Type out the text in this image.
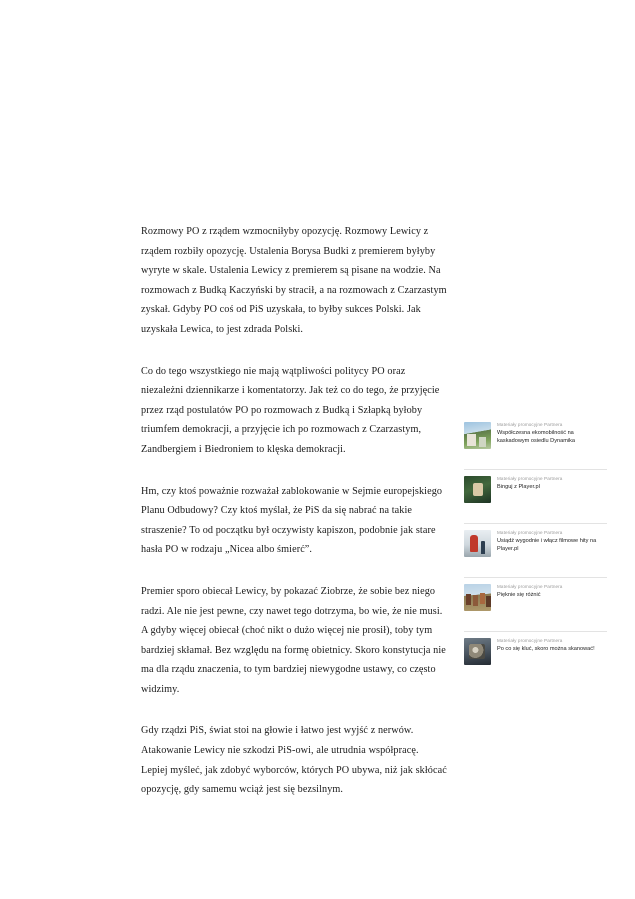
Rozmowy PO z rządem wzmocniłyby opozycję. Rozmowy Lewicy z rządem rozbiły opozycję. Ustalenia Borysa Budki z premierem byłyby wyryte w skale. Ustalenia Lewicy z premierem są pisane na wodzie. Na rozmowach z Budką Kaczyński by stracił, a na rozmowach z Czarzastym zyskał. Gdyby PO coś od PiS uzyskała, to byłby sukces Polski. Jak uzyskała Lewica, to jest zdrada Polski.

Co do tego wszystkiego nie mają wątpliwości politycy PO oraz niezależni dziennikarze i komentatorzy. Jak też co do tego, że przyjęcie przez rząd postulatów PO po rozmowach z Budką i Szłapką byłoby triumfem demokracji, a przyjęcie ich po rozmowach z Czarzastym, Zandbergiem i Biedroniem to klęska demokracji.

Hm, czy ktoś poważnie rozważał zablokowanie w Sejmie europejskiego Planu Odbudowy? Czy ktoś myślał, że PiS da się nabrać na takie straszenie? To od początku był oczywisty kapiszon, podobnie jak stare hasła PO w rodzaju „Nicea albo śmierć”.

Premier sporo obiecał Lewicy, by pokazać Ziobrze, że sobie bez niego radzi. Ale nie jest pewne, czy nawet tego dotrzyma, bo wie, że nie musi. A gdyby więcej obiecał (choć nikt o dużo więcej nie prosił), toby tym bardziej skłamał. Bez względu na formę obietnicy. Skoro konstytucja nie ma dla rządu znaczenia, to tym bardziej niewygodne ustawy, co często widzimy.

Gdy rządzi PiS, świat stoi na głowie i łatwo jest wyjść z nerwów. Atakowanie Lewicy nie szkodzi PiS-owi, ale utrudnia współpracę. Lepiej myśleć, jak zdobyć wyborców, których PO ubywa, niż jak skłócać opozycję, gdy samemu wciąż jest się bezsilnym.

Materiały promocyjne Partnera
Współczesna ekomobilność na kaskadowym osiedlu Dynamika
Materiały promocyjne Partnera
Binguj z Player.pl
Materiały promocyjne Partnera
Usiądź wygodnie i włącz filmowe hity na Player.pl
Materiały promocyjne Partnera
Pięknie się różnić
Materiały promocyjne Partnera
Po co się kluć, skoro można skanować!
